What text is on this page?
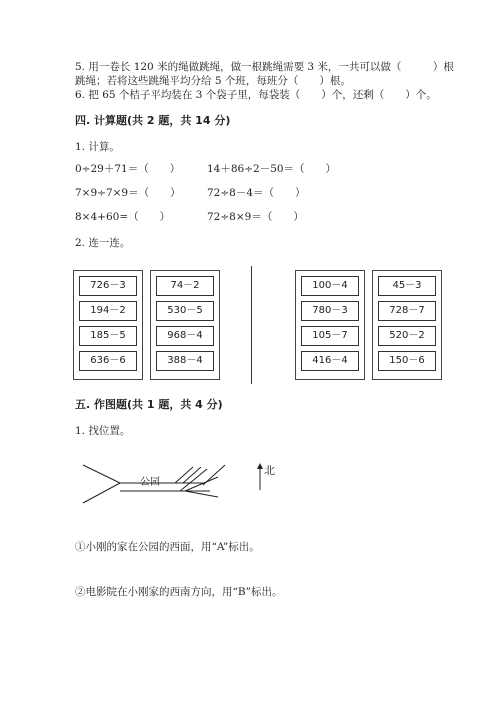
5. 用一卷长 120 米的绳做跳绳，做一根跳绳需要 3 米，一共可以做（　　　）根
跳绳；若将这些跳绳平均分给 5 个班，每班分（　　）根。
6. 把 65 个桔子平均装在 3 个袋子里，每袋装（　　）个，还剩（　　）个。
四. 计算题(共 2 题，共 14 分)
1. 计算。
0÷29＋71＝（　　）	14＋86÷2－50＝（　　）
7×9÷7×9＝（　　）	72÷8－4＝（　　）
8×4+60=（　　）	72÷8×9＝（　　）
2. 连一连。
726－3
194－2
185－5
636－6
74－2
530－5
968－4
388－4
100－4
780－3
105－7
416－4
45－3
728－7
520－2
150－6
五. 作图题(共 1 题，共 4 分)
1. 找位置。
公园
北
①小刚的家在公园的西面，用“A”标出。
②电影院在小刚家的西南方向，用“B”标出。
